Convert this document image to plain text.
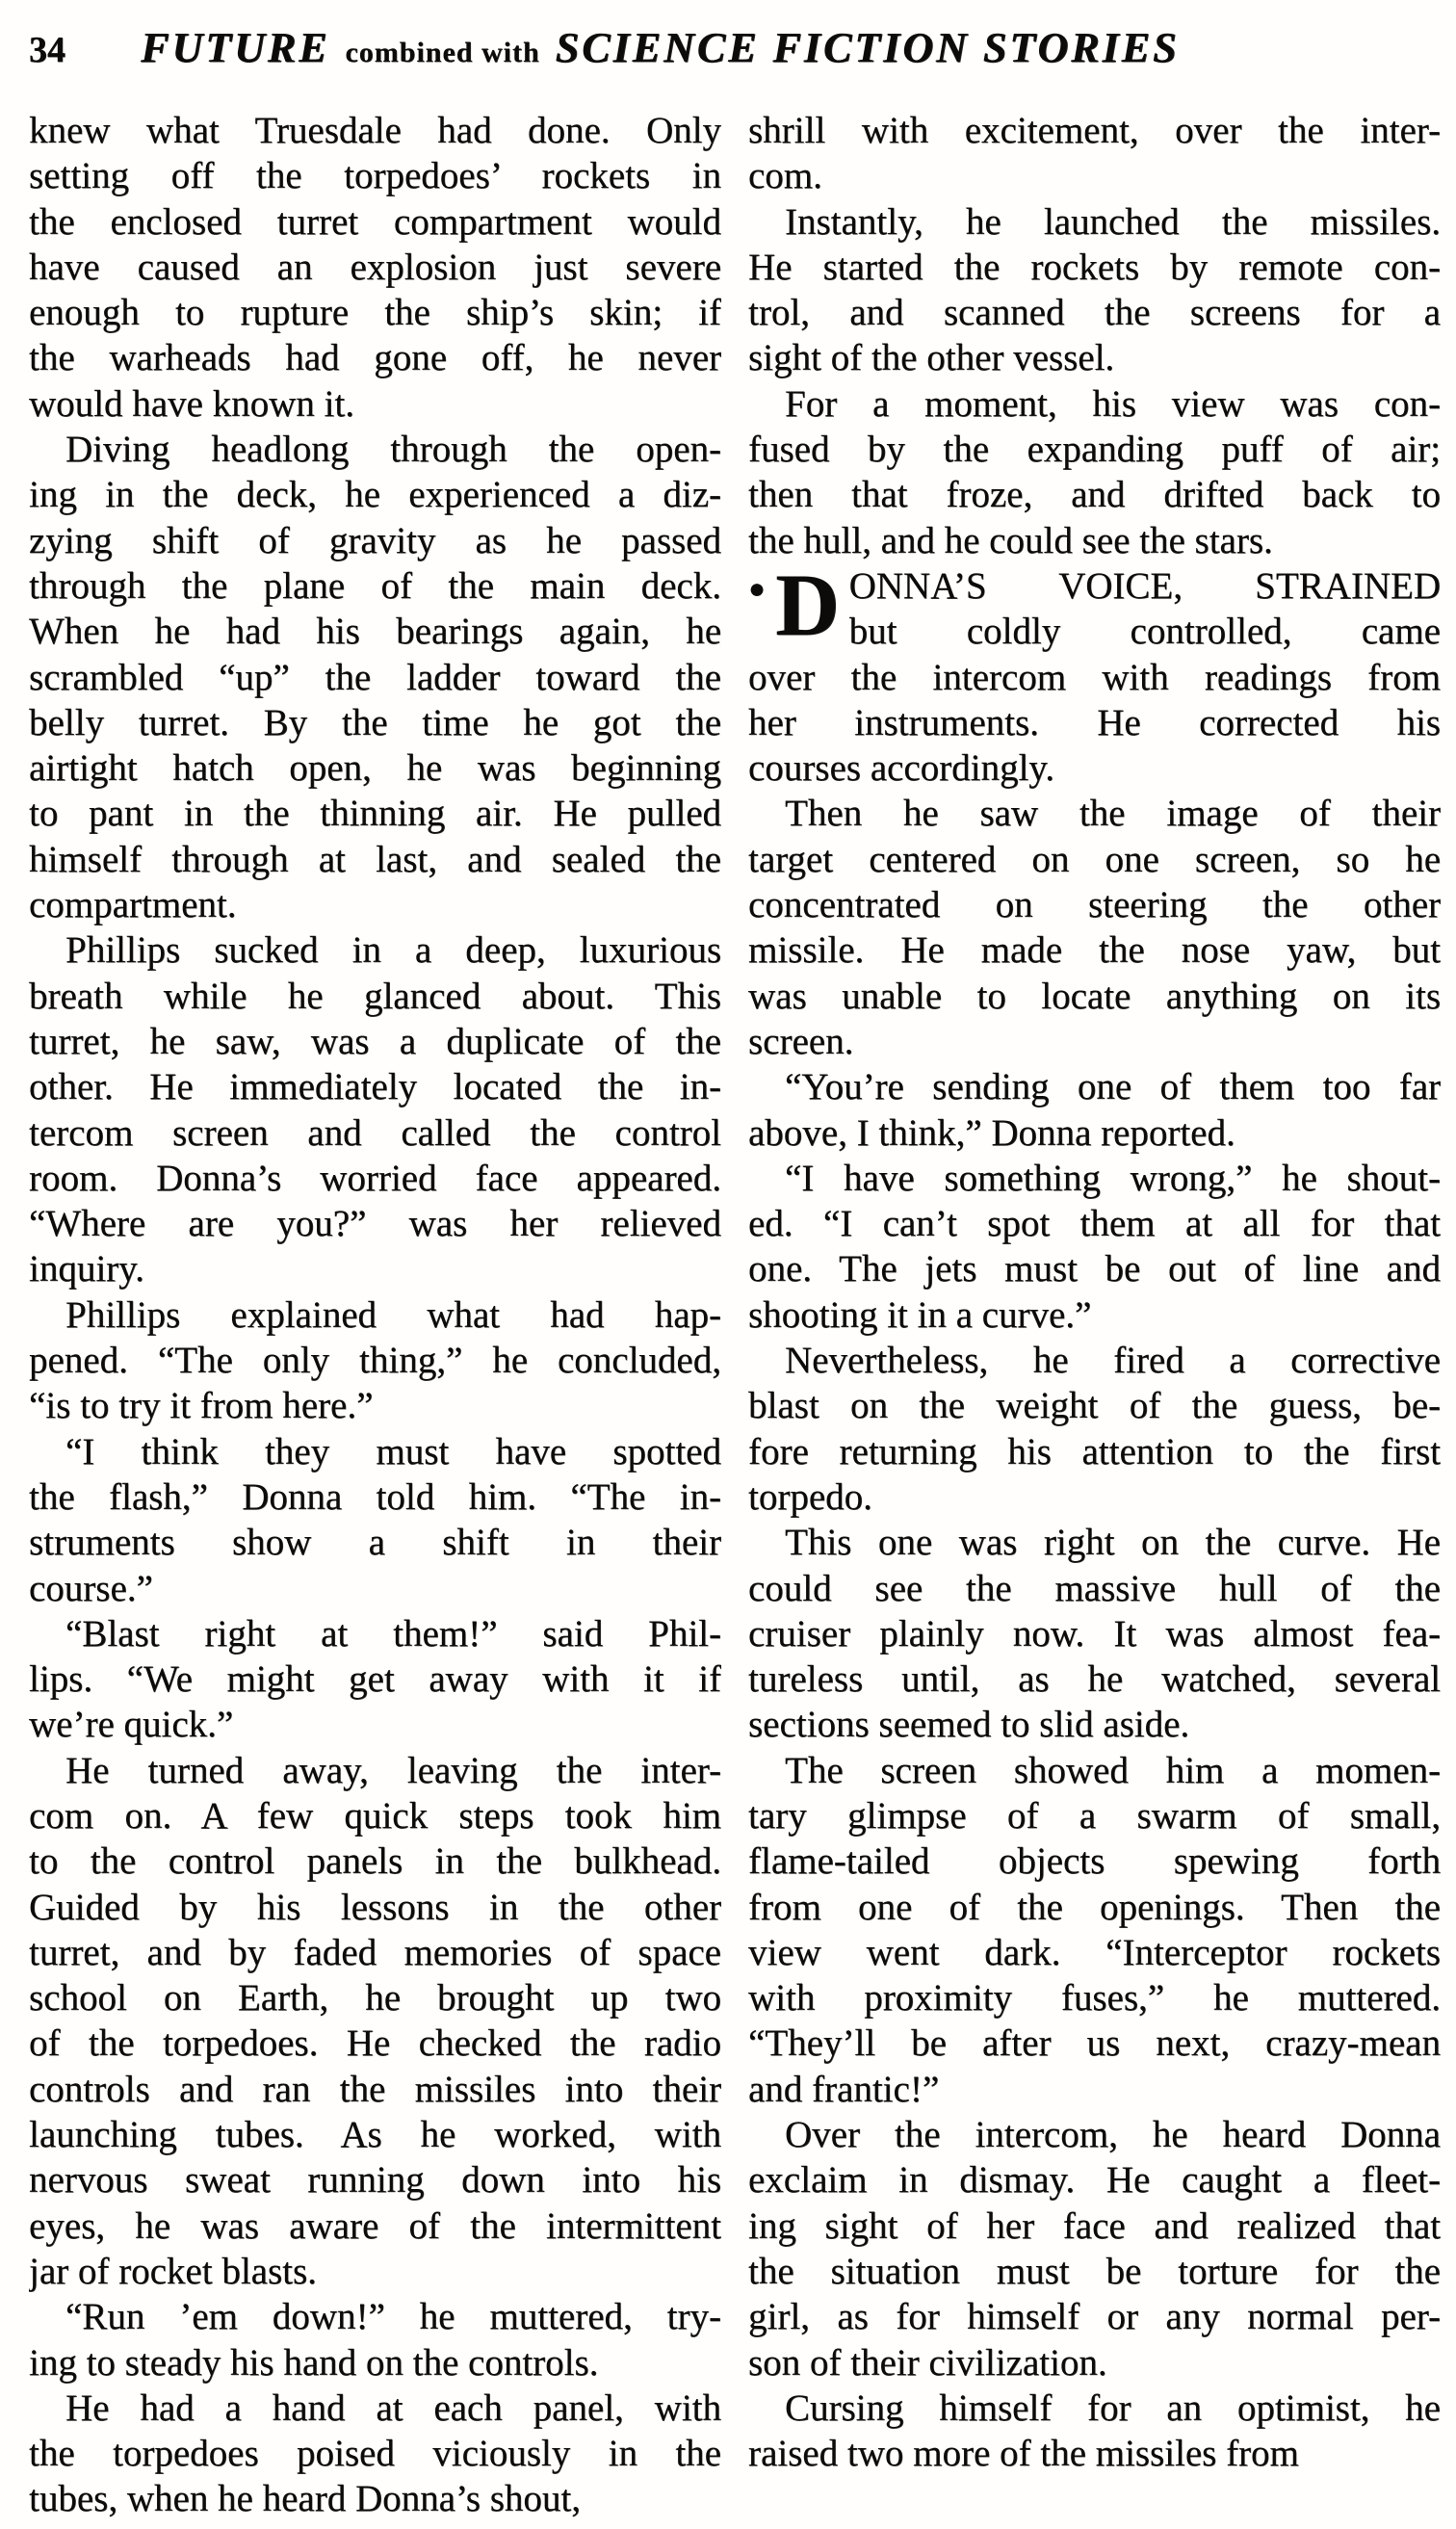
34 FUTURE combined with SCIENCE FICTION STORIES

knew what Truesdale had done. Only
setting off the torpedoes’ rockets in
the enclosed turret compartment would
have caused an explosion just severe
enough to rupture the ship’s skin; if
the warheads had gone off, he never
would have known it.

Diving headlong through the open-
ing in the deck, he experienced a diz-
zying shift of gravity as he passed
through the plane of the main deck.
When he had his bearings again, he
scrambled “up” the ladder toward the
belly turret. By the time he got the
airtight hatch open, he was beginning
to pant in the thinning air. He pulled
himself through at last, and sealed the
compartment.

Phillips sucked in a deep, luxurious
breath while he glanced about. This
turret, he saw, was a duplicate of the
other. He immediately located the in-
tercom screen and called the control
room. Donna’s worried face appeared.
“Where are you?” was her relieved
inquiry.

Phillips explained what had hap-
pened. “The only thing,” he concluded,
“is to try it from here.”

“I think they must have spotted
the flash,” Donna told him. “The in-
struments show a shift in their
course.”

“Blast right at them!” said Phil-
lips. “We might get away with it if
we’re quick.”

He turned away, leaving the inter-
com on. A few quick steps took him
to the control panels in the bulkhead.
Guided by his lessons in the other
turret, and by faded memories of space
school on Earth, he brought up two
of the torpedoes. He checked the radio
controls and ran the missiles into their
launching tubes. As he worked, with
nervous sweat running down into his
eyes, he was aware of the intermittent
jar of rocket blasts.

“Run ’em down!” he muttered, try-
ing to steady his hand on the controls.

He had a hand at each panel, with
the torpedoes poised viciously in the
tubes, when he heard Donna’s shout,

shrill with excitement, over the inter-
com.

Instantly, he launched the missiles.
He started the rockets by remote con-
trol, and scanned the screens for a
sight of the other vessel.

For a moment, his view was con-
fused by the expanding puff of air;
then that froze, and drifted back to
the hull, and he could see the stars.

● D ONNA’S VOICE, STRAINED
but coldly controlled, came
over the intercom with readings from
her instruments. He corrected his
courses accordingly.

Then he saw the image of their
target centered on one screen, so he
concentrated on steering the other
missile. He made the nose yaw, but
was unable to locate anything on its
screen.

“You’re sending one of them too far
above, I think,” Donna reported.

“I have something wrong,” he shout-
ed. “I can’t spot them at all for that
one. The jets must be out of line and
shooting it in a curve.”

Nevertheless, he fired a corrective
blast on the weight of the guess, be-
fore returning his attention to the first
torpedo.

This one was right on the curve. He
could see the massive hull of the
cruiser plainly now. It was almost fea-
tureless until, as he watched, several
sections seemed to slid aside.

The screen showed him a momen-
tary glimpse of a swarm of small,
flame-tailed objects spewing forth
from one of the openings. Then the
view went dark. “Interceptor rockets
with proximity fuses,” he muttered.
“They’ll be after us next, crazy-mean
and frantic!”

Over the intercom, he heard Donna
exclaim in dismay. He caught a fleet-
ing sight of her face and realized that
the situation must be torture for the
girl, as for himself or any normal per-
son of their civilization.

Cursing himself for an optimist, he
raised two more of the missiles from
